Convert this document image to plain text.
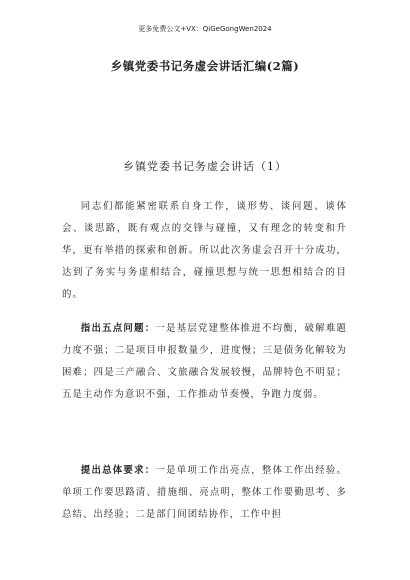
更多免费公文+VX：QiGeGongWen2024
乡镇党委书记务虚会讲话汇编(2篇)
乡镇党委书记务虚会讲话（1）

同志们都能紧密联系自身工作，谈形势、谈问题、谈体会、谈思路，既有观点的交锋与碰撞，又有理念的转变和升华，更有举措的探索和创新。所以此次务虚会召开十分成功，达到了务实与务虚相结合，碰撞思想与统一思想相结合的目的。

指出五点问题：一是基层党建整体推进不均衡，破解难题力度不强；二是项目申报数量少，进度慢；三是债务化解较为困难；四是三产融合、文旅融合发展较慢，品牌特色不明显；五是主动作为意识不强，工作推动节奏慢，争跑力度弱。

提出总体要求：一是单项工作出亮点，整体工作出经验。单项工作要思路清、措施细、亮点明，整体工作要勤思考、多总结、出经验；二是部门间团结协作，工作中担
